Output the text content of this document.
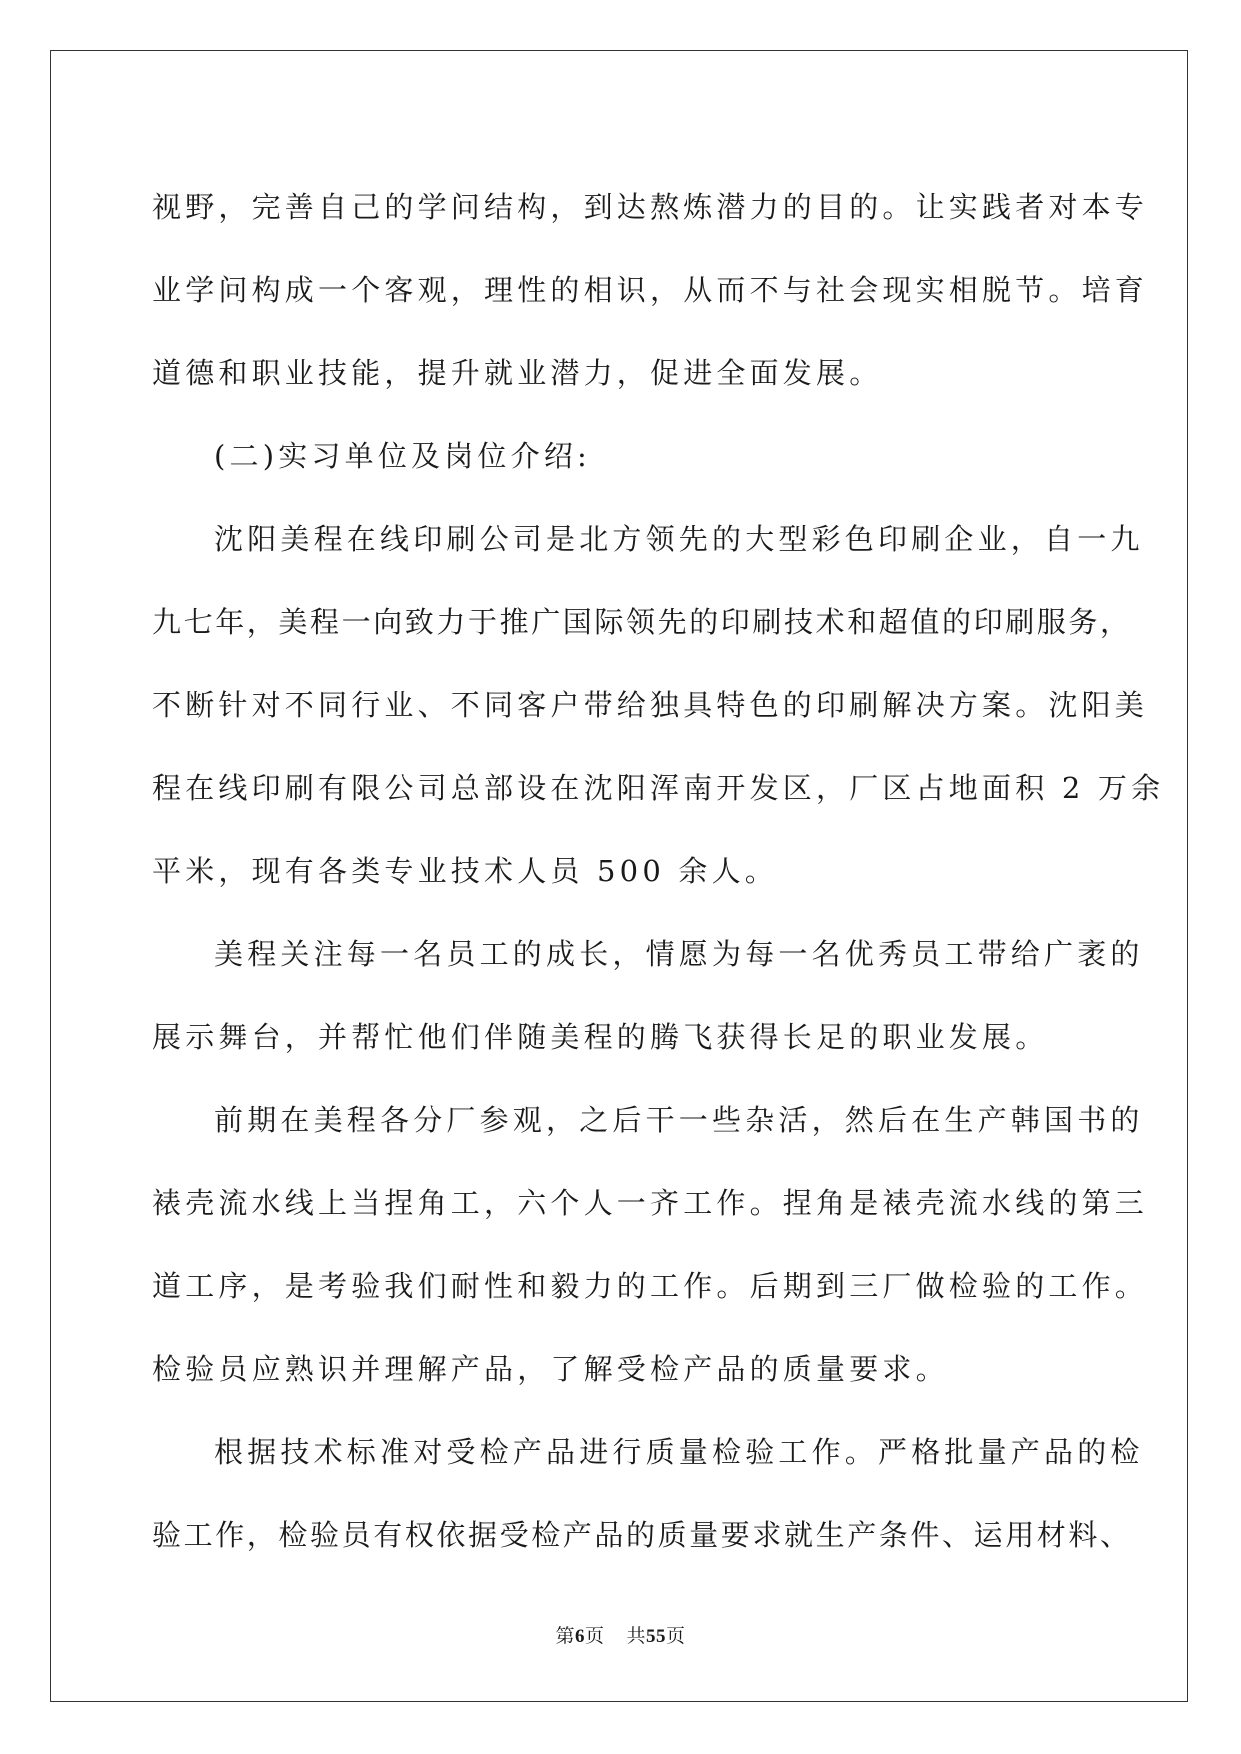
视野，完善自己的学问结构，到达熬炼潜力的目的。让实践者对本专
业学问构成一个客观，理性的相识，从而不与社会现实相脱节。培育
道德和职业技能，提升就业潜力，促进全面发展。
(二)实习单位及岗位介绍:
沈阳美程在线印刷公司是北方领先的大型彩色印刷企业，自一九
九七年，美程一向致力于推广国际领先的印刷技术和超值的印刷服务，
不断针对不同行业、不同客户带给独具特色的印刷解决方案。沈阳美
程在线印刷有限公司总部设在沈阳浑南开发区，厂区占地面积 2 万余
平米，现有各类专业技术人员 500 余人。
美程关注每一名员工的成长，情愿为每一名优秀员工带给广袤的
展示舞台，并帮忙他们伴随美程的腾飞获得长足的职业发展。
前期在美程各分厂参观，之后干一些杂活，然后在生产韩国书的
裱壳流水线上当捏角工，六个人一齐工作。捏角是裱壳流水线的第三
道工序，是考验我们耐性和毅力的工作。后期到三厂做检验的工作。
检验员应熟识并理解产品，了解受检产品的质量要求。
根据技术标准对受检产品进行质量检验工作。严格批量产品的检
验工作，检验员有权依据受检产品的质量要求就生产条件、运用材料、
第6页 共55页
